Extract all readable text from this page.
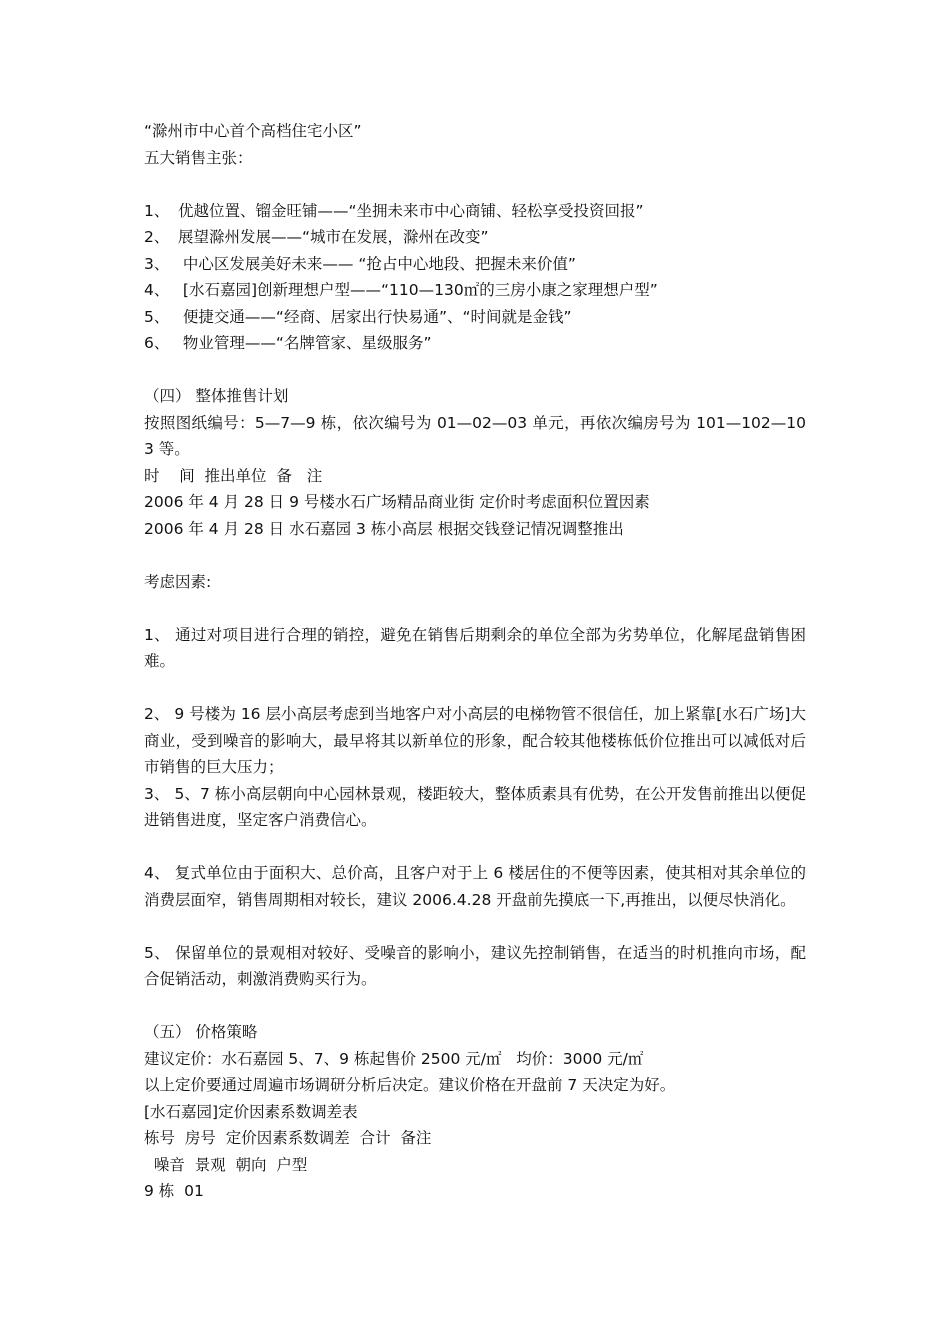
“滁州市中心首个高档住宅小区”
五大销售主张：
1、 优越位置、镏金旺铺——“坐拥未来市中心商铺、轻松享受投资回报”
2、 展望滁州发展——“城市在发展，滁州在改变”
3、 中心区发展美好未来—— “抢占中心地段、把握未来价值”
4、 [水石嘉园]创新理想户型——“110—130㎡的三房小康之家理想户型”
5、 便捷交通——“经商、居家出行快易通”、“时间就是金钱”
6、 物业管理——“名牌管家、星级服务”
（四） 整体推售计划
按照图纸编号：5—7—9 栋，依次编号为 01—02—03 单元，再依次编房号为 101—102—103 等。
时    间  推出单位  备   注
2006 年 4 月 28 日 9 号楼水石广场精品商业街 定价时考虑面积位置因素
2006 年 4 月 28 日 水石嘉园 3 栋小高层 根据交钱登记情况调整推出
考虑因素:
1、 通过对项目进行合理的销控，避免在销售后期剩余的单位全部为劣势单位，化解尾盘销售困难。
2、 9 号楼为 16 层小高层考虑到当地客户对小高层的电梯物管不很信任，加上紧靠[水石广场]大商业，受到噪音的影响大，最早将其以新单位的形象，配合较其他楼栋低价位推出可以减低对后市销售的巨大压力；
3、 5、7 栋小高层朝向中心园林景观，楼距较大，整体质素具有优势，在公开发售前推出以便促进销售进度，坚定客户消费信心。
4、 复式单位由于面积大、总价高，且客户对于上 6 楼居住的不便等因素，使其相对其余单位的消费层面窄，销售周期相对较长，建议 2006.4.28 开盘前先摸底一下,再推出，以便尽快消化。
5、 保留单位的景观相对较好、受噪音的影响小，建议先控制销售，在适当的时机推向市场，配合促销活动，刺激消费购买行为。
（五） 价格策略
建议定价：水石嘉园 5、7、9 栋起售价 2500 元/㎡   均价：3000 元/㎡
以上定价要通过周遍市场调研分析后决定。建议价格在开盘前 7 天决定为好。
[水石嘉园]定价因素系数调差表
栋号  房号  定价因素系数调差  合计  备注
噪音  景观  朝向  户型
9 栋  01
